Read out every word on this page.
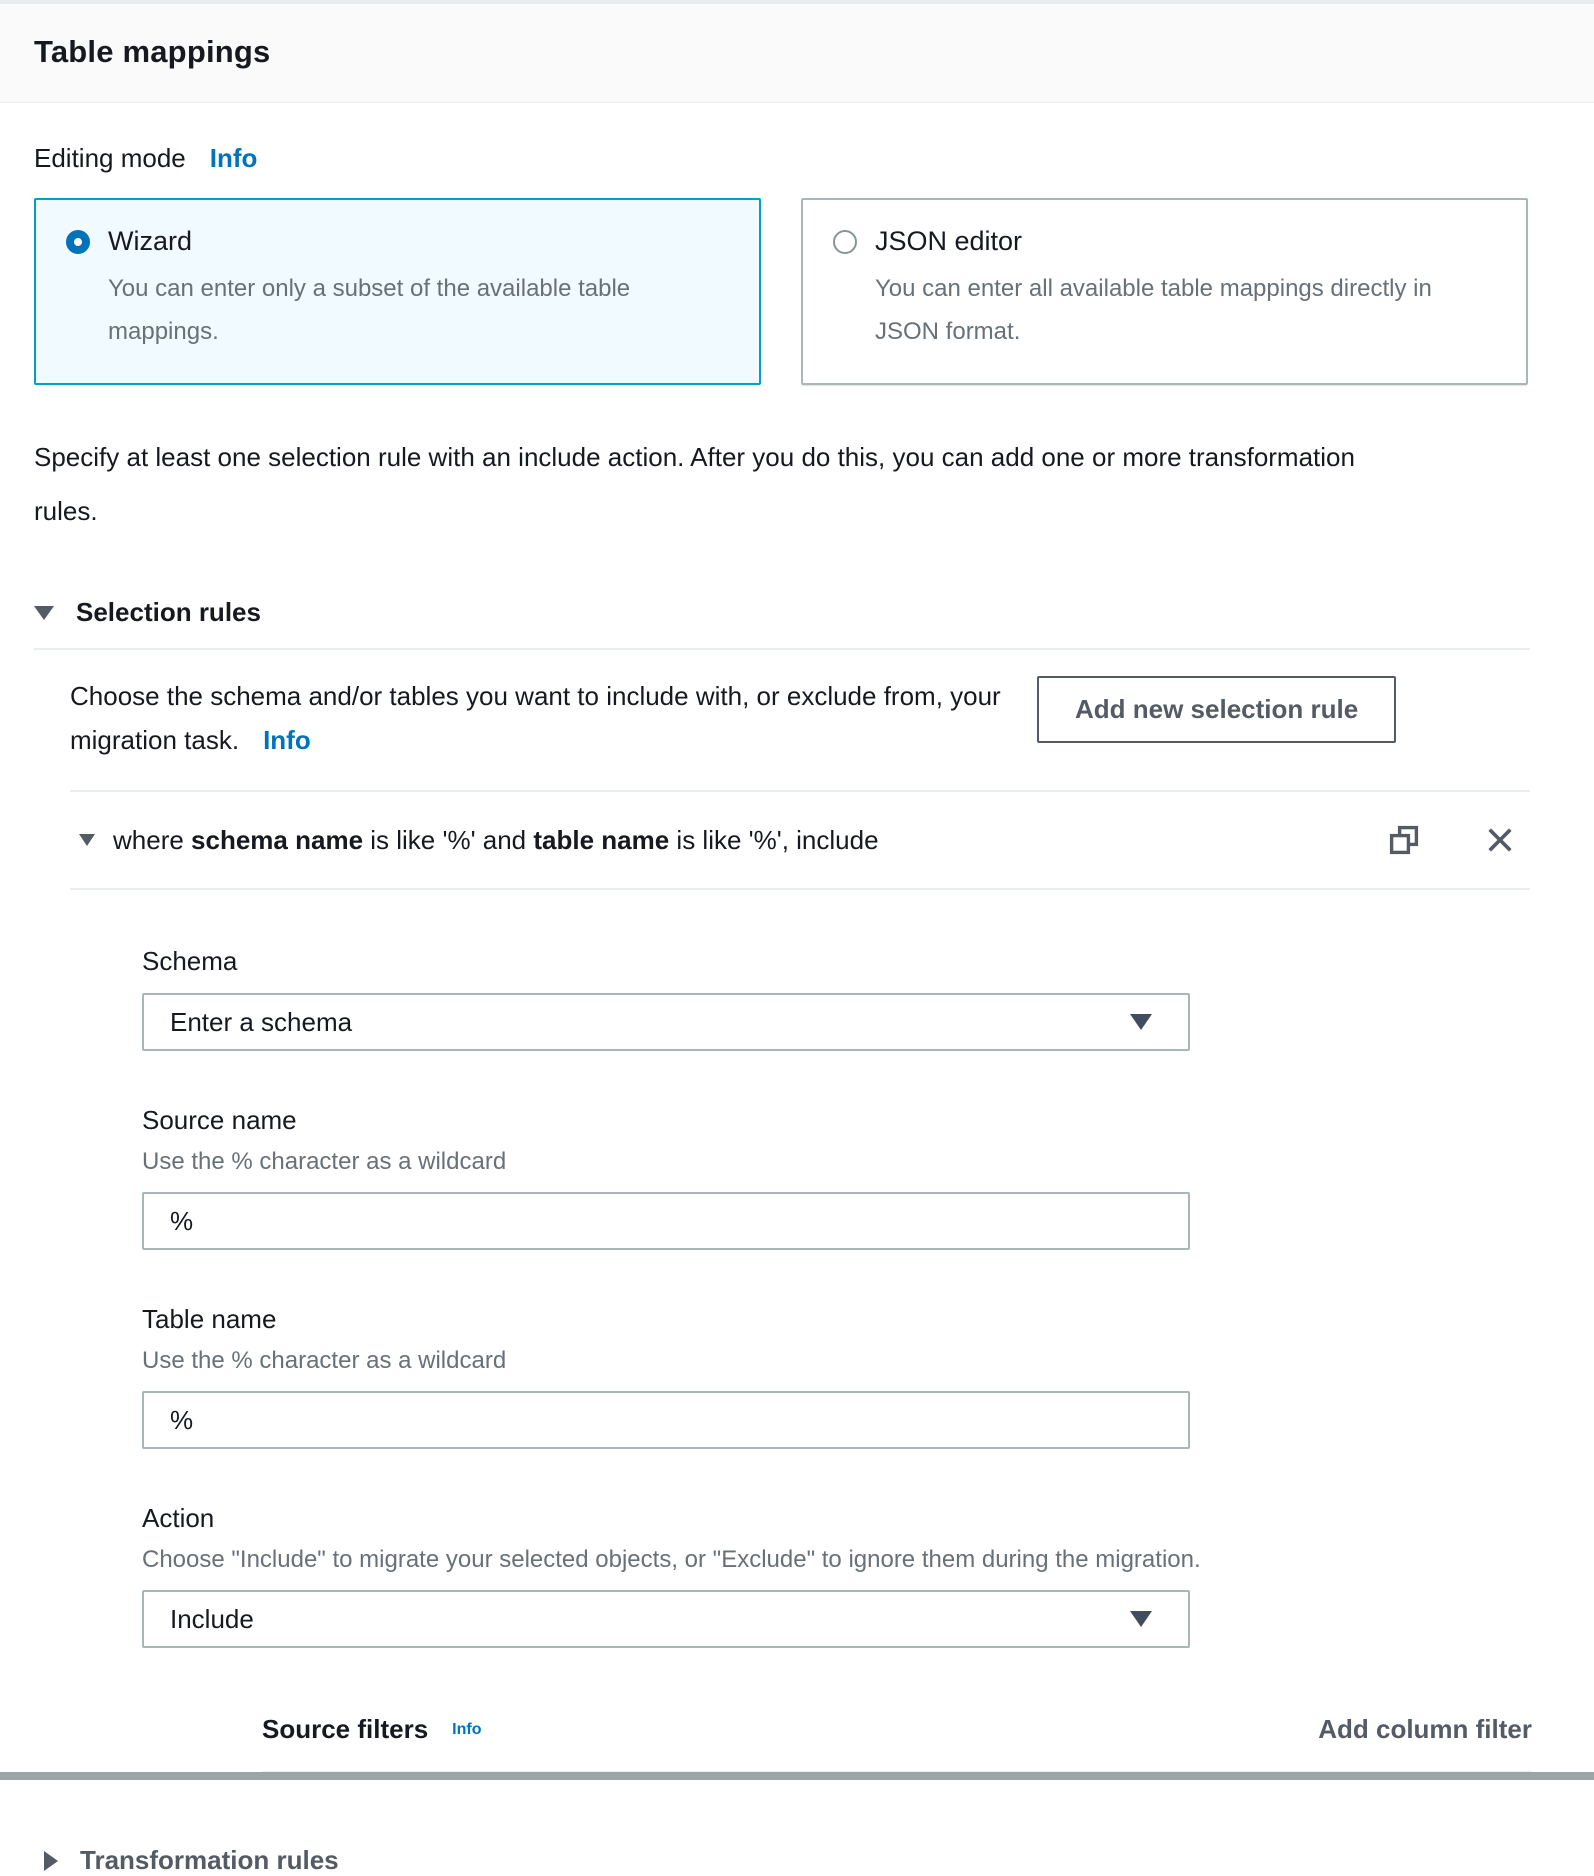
Table mappings
Editing mode Info
Wizard
You can enter only a subset of the available table mappings.
JSON editor
You can enter all available table mappings directly in JSON format.
Specify at least one selection rule with an include action. After you do this, you can add one or more transformation rules.
Selection rules
Choose the schema and/or tables you want to include with, or exclude from, your migration task. Info
Add new selection rule
where schema name is like '%' and table name is like '%', include
Schema
Enter a schema
Source name
Use the % character as a wildcard
%
Table name
Use the % character as a wildcard
%
Action
Choose "Include" to migrate your selected objects, or "Exclude" to ignore them during the migration.
Include
Source filters Info	Add column filter
Transformation rules
